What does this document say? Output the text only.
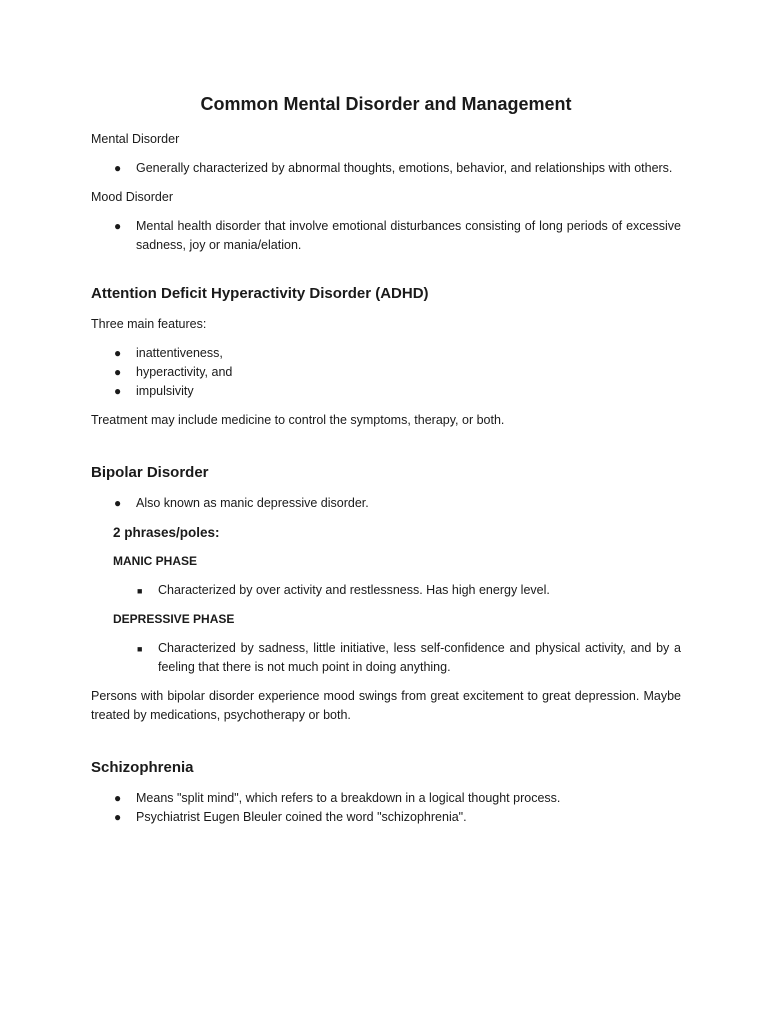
Common Mental Disorder and Management

Mental Disorder

● Generally characterized by abnormal thoughts, emotions, behavior, and relationships with others.

Mood Disorder

● Mental health disorder that involve emotional disturbances consisting of long periods of excessive sadness, joy or mania/elation.
Attention Deficit Hyperactivity Disorder (ADHD)

Three main features:

● inattentiveness,
● hyperactivity, and
● impulsivity

Treatment may include medicine to control the symptoms, therapy, or both.

Bipolar Disorder
● Also known as manic depressive disorder.

2 phrases/poles:

MANIC PHASE

■ Characterized by over activity and restlessness. Has high energy level.

DEPRESSIVE PHASE

■ Characterized by sadness, little initiative, less self-confidence and physical activity, and by a feeling that there is not much point in doing anything.

Persons with bipolar disorder experience mood swings from great excitement to great depression. Maybe treated by medications, psychotherapy or both.

Schizophrenia
● Means "split mind", which refers to a breakdown in a logical thought process.
● Psychiatrist Eugen Bleuler coined the word "schizophrenia".
